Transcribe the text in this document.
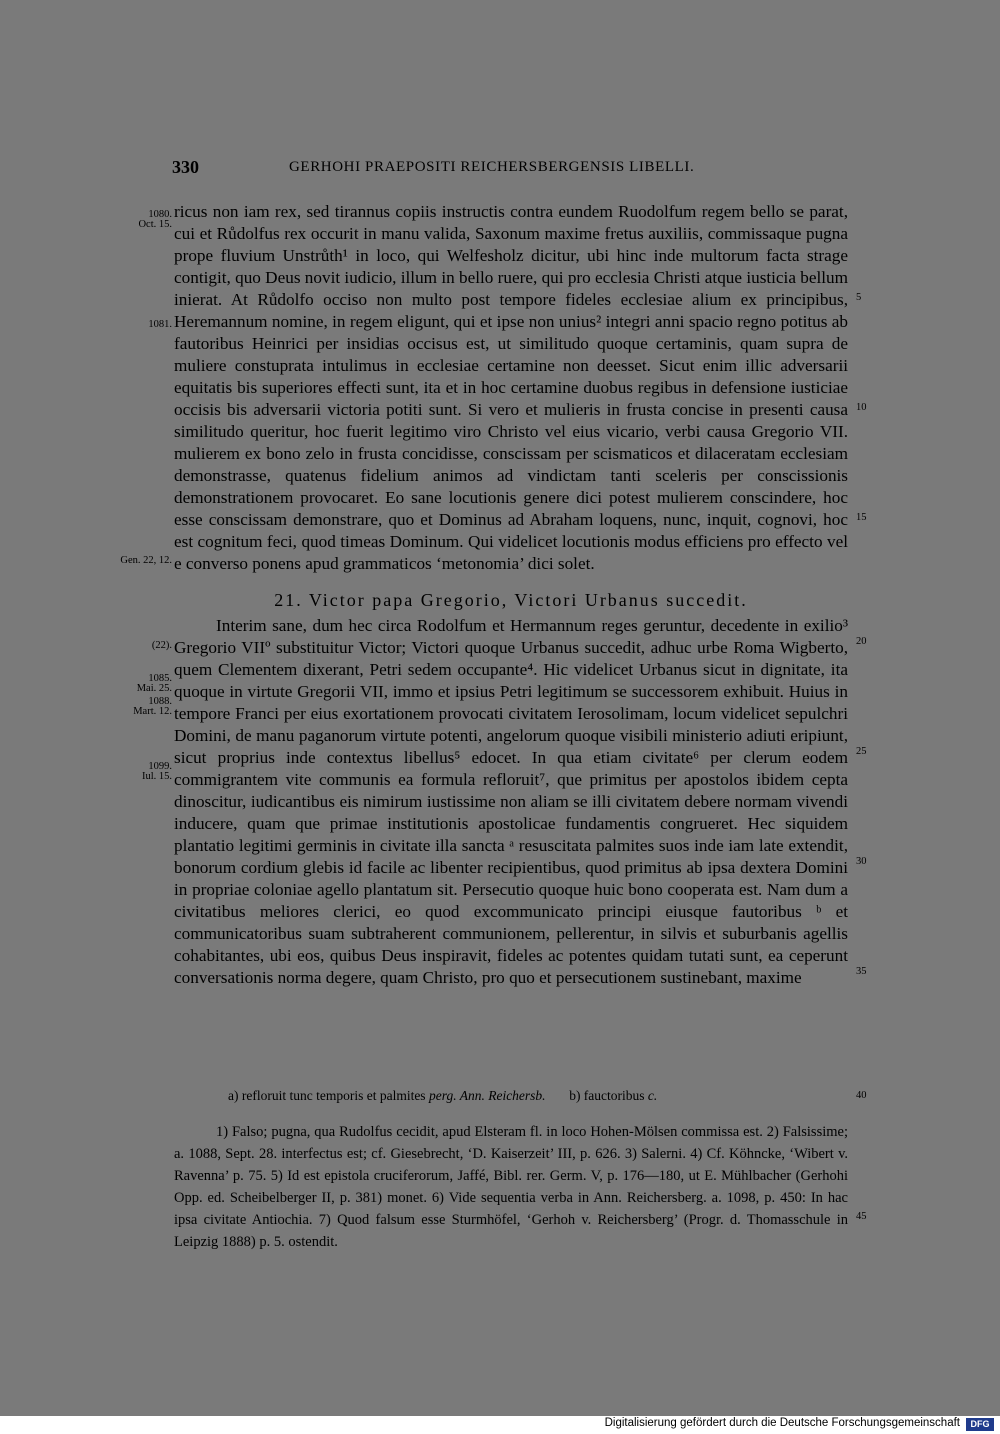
330	GERHOHI PRAEPOSITI REICHERSBERGENSIS LIBELLI.

ricus non iam rex, sed tirannus copiis instructis contra eundem Ruodolfum regem bello se parat, cui et Růdolfus rex occurit in manu valida, Saxonum maxime fretus auxiliis, commissaque pugna prope fluvium Unstrůth¹ in loco, qui Welfesholz dicitur, ubi hinc inde multorum facta strage contigit, quo Deus novit iudicio, illum in bello ruere, qui pro ecclesia Christi atque iusticia bellum inierat. At Růdolfo occiso non multo post tempore fideles ecclesiae alium ex principibus, Heremannum nomine, in regem eligunt, qui et ipse non unius² integri anni spacio regno potitus ab fautoribus Heinrici per insidias occisus est, ut similitudo quoque certaminis, quam supra de muliere constuprata intulimus in ecclesiae certamine non deesset. Sicut enim illic adversarii equitatis bis superiores effecti sunt, ita et in hoc certamine duobus regibus in defensione iusticiae occisis bis adversarii victoria potiti sunt. Si vero et mulieris in frusta concise in presenti causa similitudo queritur, hoc fuerit legitimo viro Christo vel eius vicario, verbi causa Gregorio VII. mulierem ex bono zelo in frusta concidisse, conscissam per scismaticos et dilaceratam ecclesiam demonstrasse, quatenus fidelium animos ad vindictam tanti sceleris per conscissionis demonstrationem provocaret. Eo sane locutionis genere dici potest mulierem conscindere, hoc esse conscissam demonstrare, quo et Dominus ad Abraham loquens, nunc, inquit, cognovi, hoc est cognitum feci, quod timeas Dominum. Qui videlicet locutionis modus efficiens pro effecto vel e converso ponens apud grammaticos ‘metonomia’ dici solet.

21. Victor papa Gregorio, Victori Urbanus succedit.

Interim sane, dum hec circa Rodolfum et Hermannum reges geruntur, decedente in exilio³ Gregorio VIIº substituitur Victor; Victori quoque Urbanus succedit, adhuc urbe Roma Wigberto, quem Clementem dixerant, Petri sedem occupante⁴. Hic videlicet Urbanus sicut in dignitate, ita quoque in virtute Gregorii VII, immo et ipsius Petri legitimum se successorem exhibuit. Huius in tempore Franci per eius exortationem provocati civitatem Ierosolimam, locum videlicet sepulchri Domini, de manu paganorum virtute potenti, angelorum quoque visibili ministerio adiuti eripiunt, sicut proprius inde contextus libellus⁵ edocet. In qua etiam civitate⁶ per clerum eodem commigrantem vite communis ea formula refloruit⁷, que primitus per apostolos ibidem cepta dinoscitur, iudicantibus eis nimirum iustissime non aliam se illi civitatem debere normam vivendi inducere, quam que primae institutionis apostolicae fundamentis congrueret. Hec siquidem plantatio legitimi germinis in civitate illa sancta ᵃ resuscitata palmites suos inde iam late extendit, bonorum cordium glebis id facile ac libenter recipientibus, quod primitus ab ipsa dextera Domini in propriae coloniae agello plantatum sit. Persecutio quoque huic bono cooperata est. Nam dum a civitatibus meliores clerici, eo quod excommunicato principi eiusque fautoribus ᵇ et communicatoribus suam subtraherent communionem, pellerentur, in silvis et suburbanis agellis cohabitantes, ubi eos, quibus Deus inspiravit, fideles ac potentes quidam tutati sunt, ea ceperunt conversationis norma degere, quam Christo, pro quo et persecutionem sustinebant, maxime

1080.
Oct. 15.
1081.
Gen. 22, 12.
(22).
1085.
Mai. 25.
1088.
Mart. 12.
1099.
Iul. 15.
5
10
15
20
25
30
35
40
45
a) refloruit tunc temporis et palmites perg. Ann. Reichersb. b) fauctoribus c.

1) Falso; pugna, qua Rudolfus cecidit, apud Elsteram fl. in loco Hohen-Mölsen commissa est. 2) Falsissime; a. 1088, Sept. 28. interfectus est; cf. Giesebrecht, ‘D. Kaiserzeit’ III, p. 626. 3) Salerni. 4) Cf. Köhncke, ‘Wibert v. Ravenna’ p. 75. 5) Id est epistola cruciferorum, Jaffé, Bibl. rer. Germ. V, p. 176—180, ut E. Mühlbacher (Gerhohi Opp. ed. Scheibelberger II, p. 381) monet. 6) Vide sequentia verba in Ann. Reichersberg. a. 1098, p. 450: In hac ipsa civitate Antiochia. 7) Quod falsum esse Sturmhöfel, ‘Gerhoh v. Reichersberg’ (Progr. d. Thomasschule in Leipzig 1888) p. 5. ostendit.

Digitalisierung gefördert durch die Deutsche Forschungsgemeinschaft	DFG
